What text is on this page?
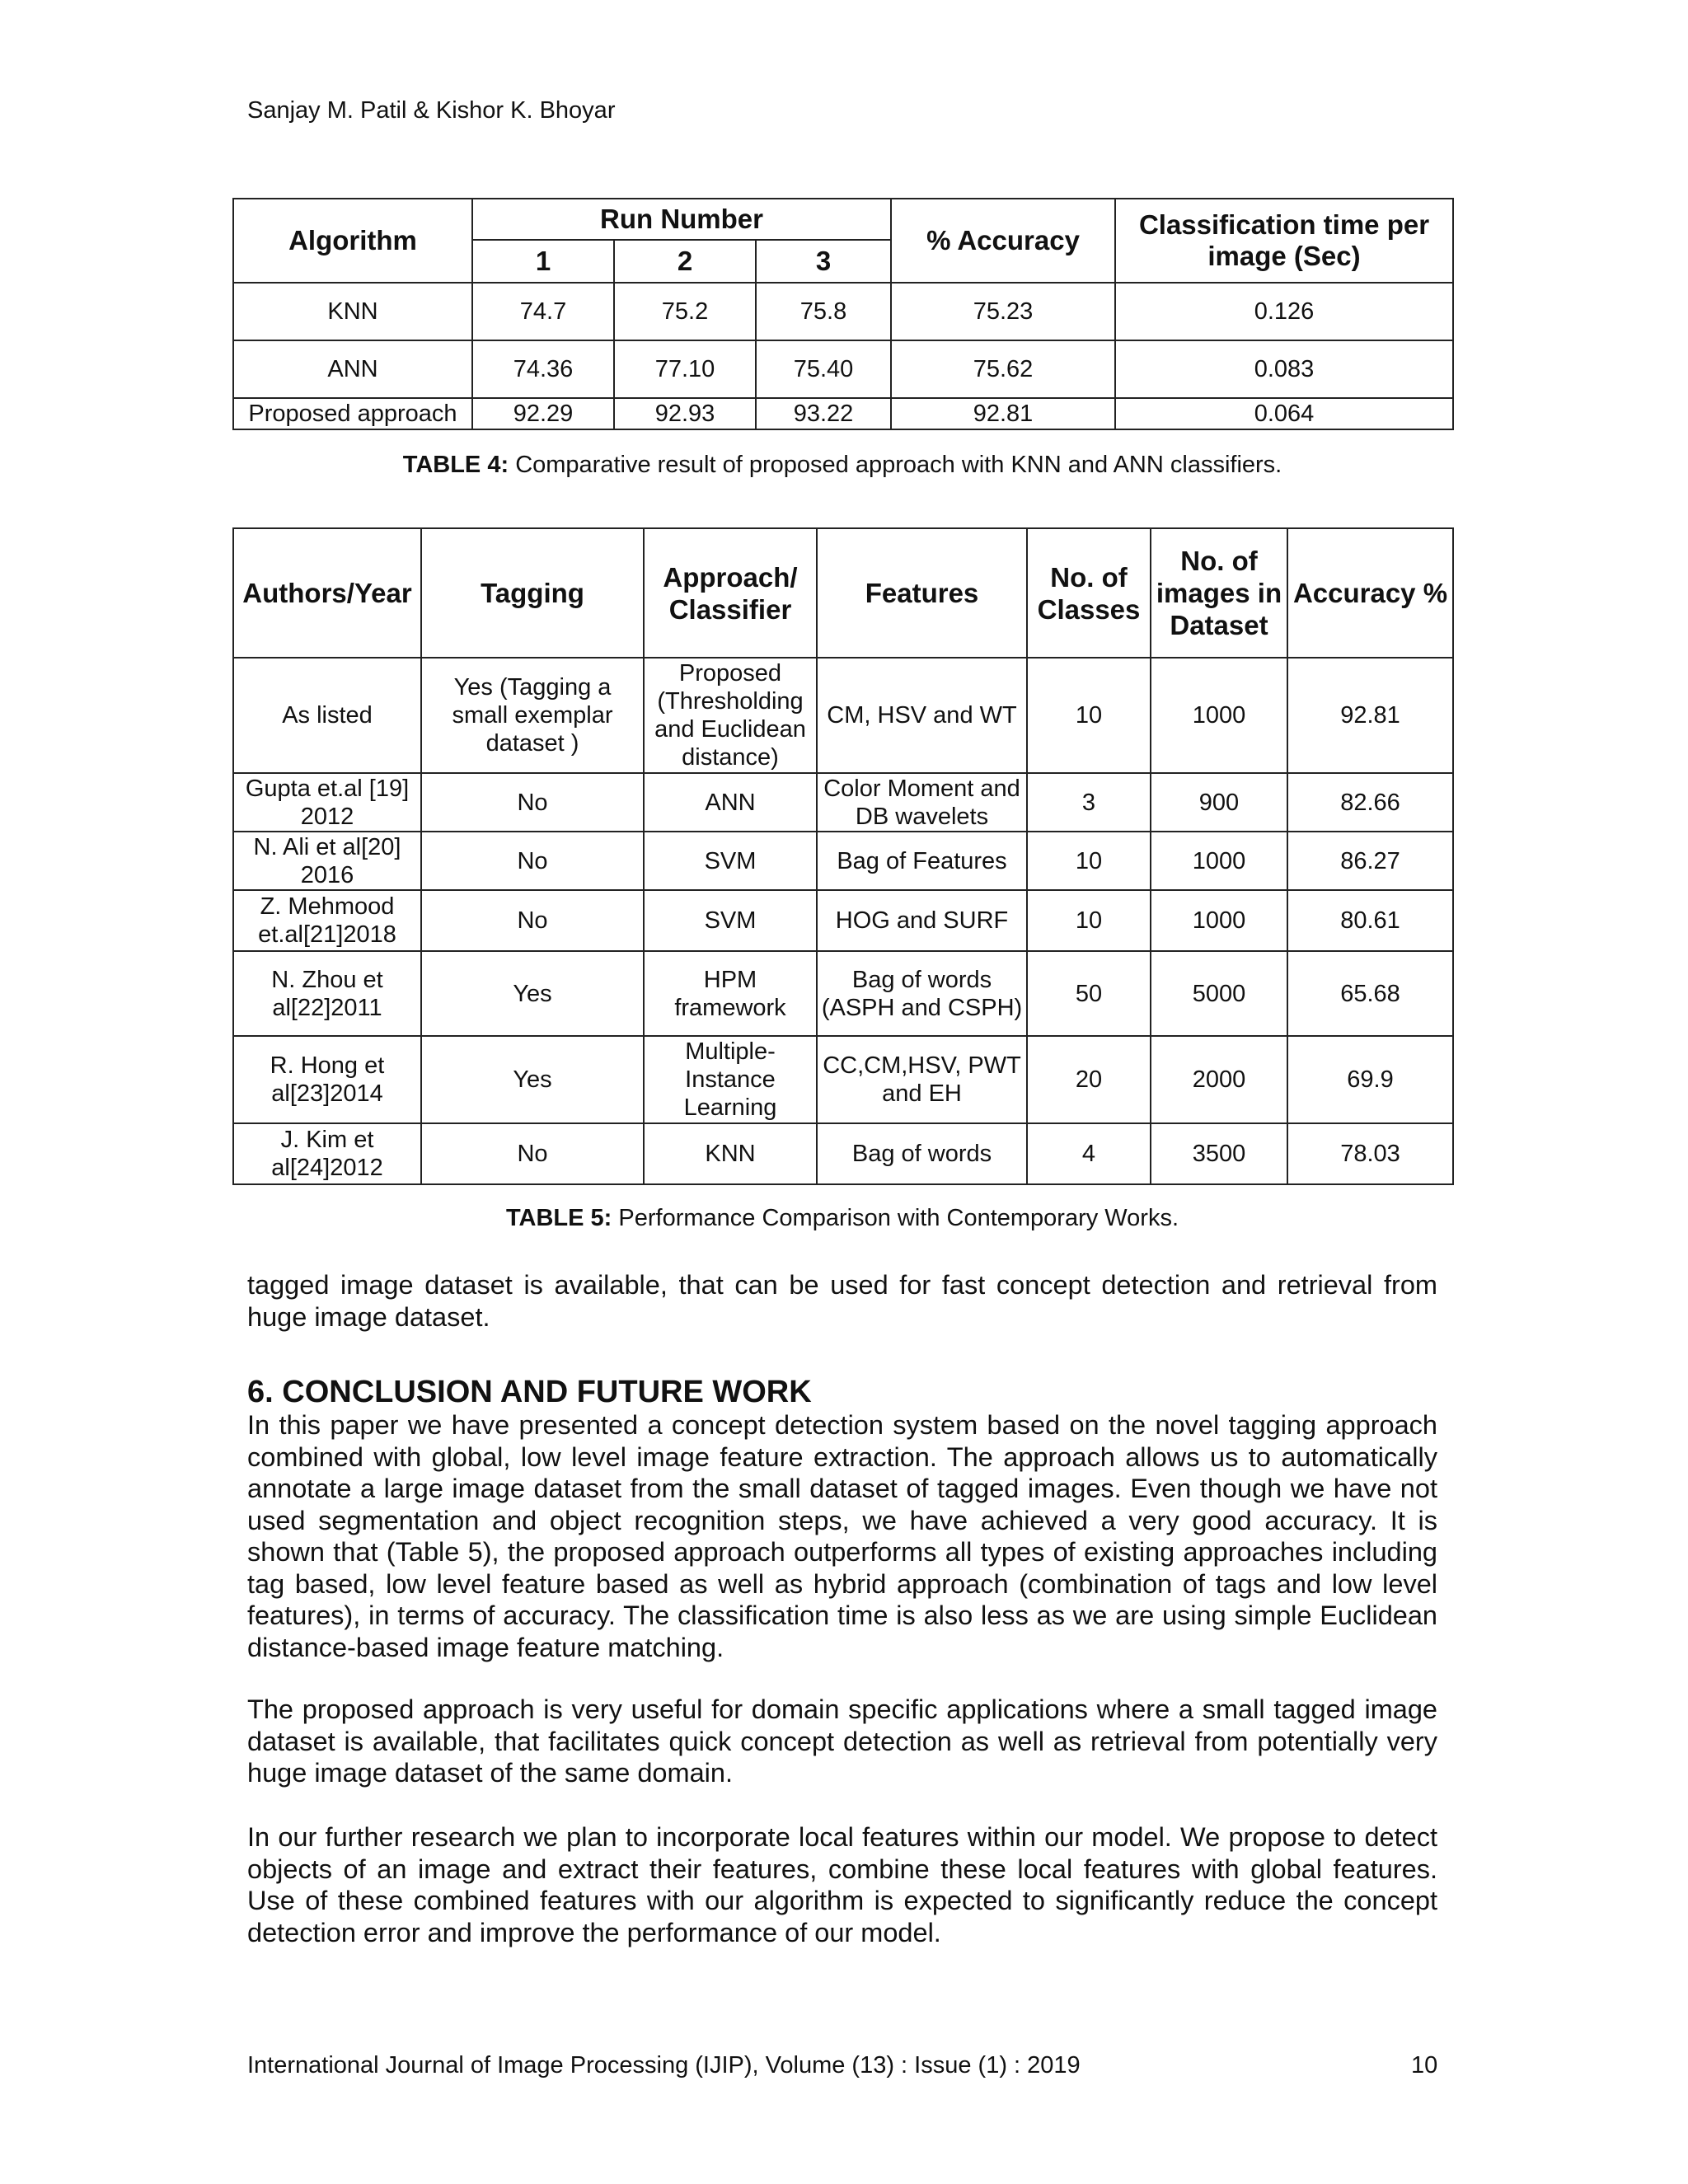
Sanjay M. Patil & Kishor K. Bhoyar
Algorithm	Run Number			% Accuracy	Classification time per image (Sec)
	1	2	3		
KNN	74.7	75.2	75.8	75.23	0.126
ANN	74.36	77.10	75.40	75.62	0.083
Proposed approach	92.29	92.93	93.22	92.81	0.064
TABLE 4: Comparative result of proposed approach with KNN and ANN classifiers.
Authors/Year	Tagging	Approach/ Classifier	Features	No. of Classes	No. of images in Dataset	Accuracy %
As listed	Yes (Tagging a small exemplar dataset )	Proposed (Thresholding and Euclidean distance)	CM, HSV and WT	10	1000	92.81
Gupta et.al [19] 2012	No	ANN	Color Moment and DB wavelets	3	900	82.66
N. Ali et al[20] 2016	No	SVM	Bag of Features	10	1000	86.27
Z. Mehmood et.al[21]2018	No	SVM	HOG and SURF	10	1000	80.61
N. Zhou et al[22]2011	Yes	HPM framework	Bag of words (ASPH and CSPH)	50	5000	65.68
R. Hong et al[23]2014	Yes	Multiple-Instance Learning	CC,CM,HSV, PWT and EH	20	2000	69.9
J. Kim et al[24]2012	No	KNN	Bag of words	4	3500	78.03
TABLE 5: Performance Comparison with Contemporary Works.

tagged image dataset is available, that can be used for fast concept detection and retrieval from huge image dataset.

6. CONCLUSION AND FUTURE WORK

In this paper we have presented a concept detection system based on the novel tagging approach combined with global, low level image feature extraction. The approach allows us to automatically annotate a large image dataset from the small dataset of tagged images. Even though we have not used segmentation and object recognition steps, we have achieved a very good accuracy. It is shown that (Table 5), the proposed approach outperforms all types of existing approaches including tag based, low level feature based as well as hybrid approach (combination of tags and low level features), in terms of accuracy. The classification time is also less as we are using simple Euclidean distance-based image feature matching.

The proposed approach is very useful for domain specific applications where a small tagged image dataset is available, that facilitates quick concept detection as well as retrieval from potentially very huge image dataset of the same domain.

In our further research we plan to incorporate local features within our model. We propose to detect objects of an image and extract their features, combine these local features with global features. Use of these combined features with our algorithm is expected to significantly reduce the concept detection error and improve the performance of our model.

International Journal of Image Processing (IJIP), Volume (13) : Issue (1) : 2019	10
